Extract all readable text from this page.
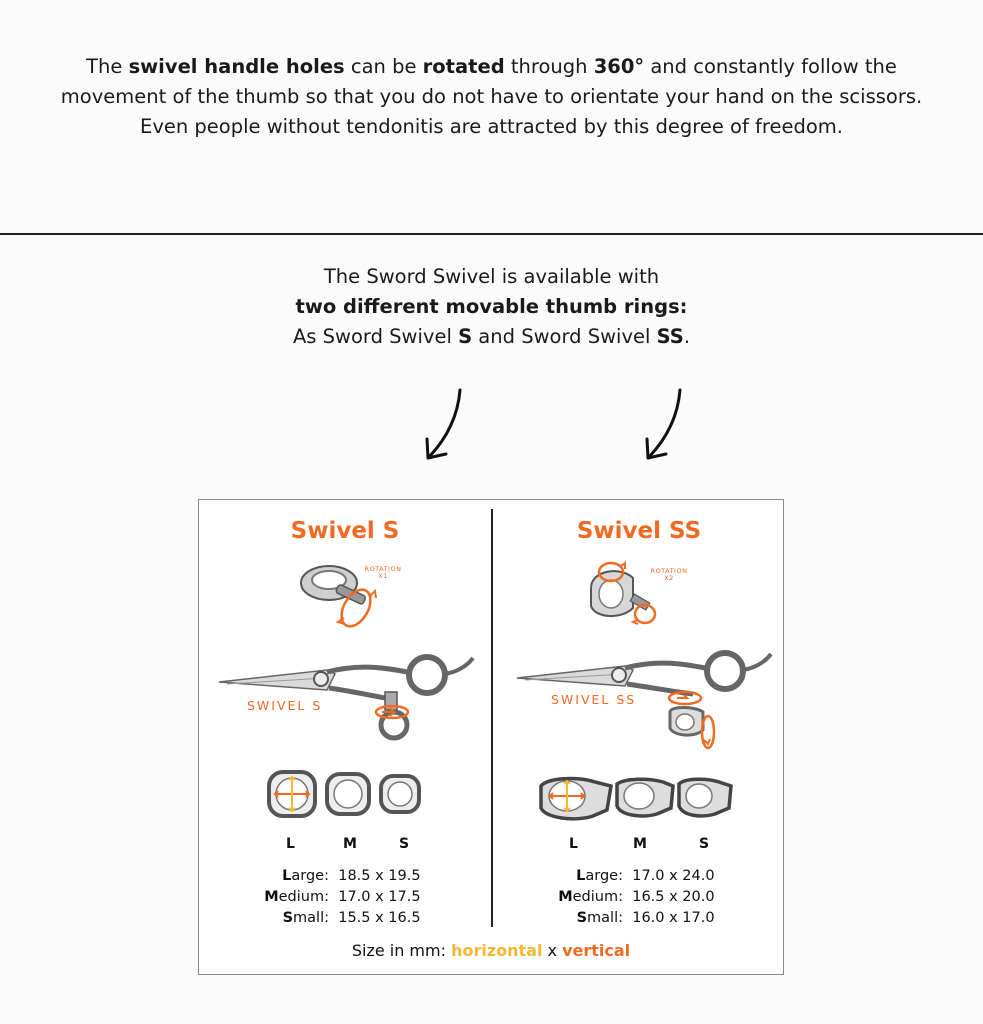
The swivel handle holes can be rotated through 360° and constantly follow the movement of the thumb so that you do not have to orientate your hand on the scissors. Even people without tendonitis are attracted by this degree of freedom.
The Sword Swivel is available with
two different movable thumb rings:
As Sword Swivel S and Sword Swivel SS.
Swivel S
ROTATION
X1
SWIVEL S
L	M	S
Large: 18.5 x 19.5
Medium: 17.0 x 17.5
Small: 15.5 x 16.5
Swivel SS
ROTATION
X2
SWIVEL SS
L	M	S
Large: 17.0 x 24.0
Medium: 16.5 x 20.0
Small: 16.0 x 17.0
Size in mm: horizontal x vertical
